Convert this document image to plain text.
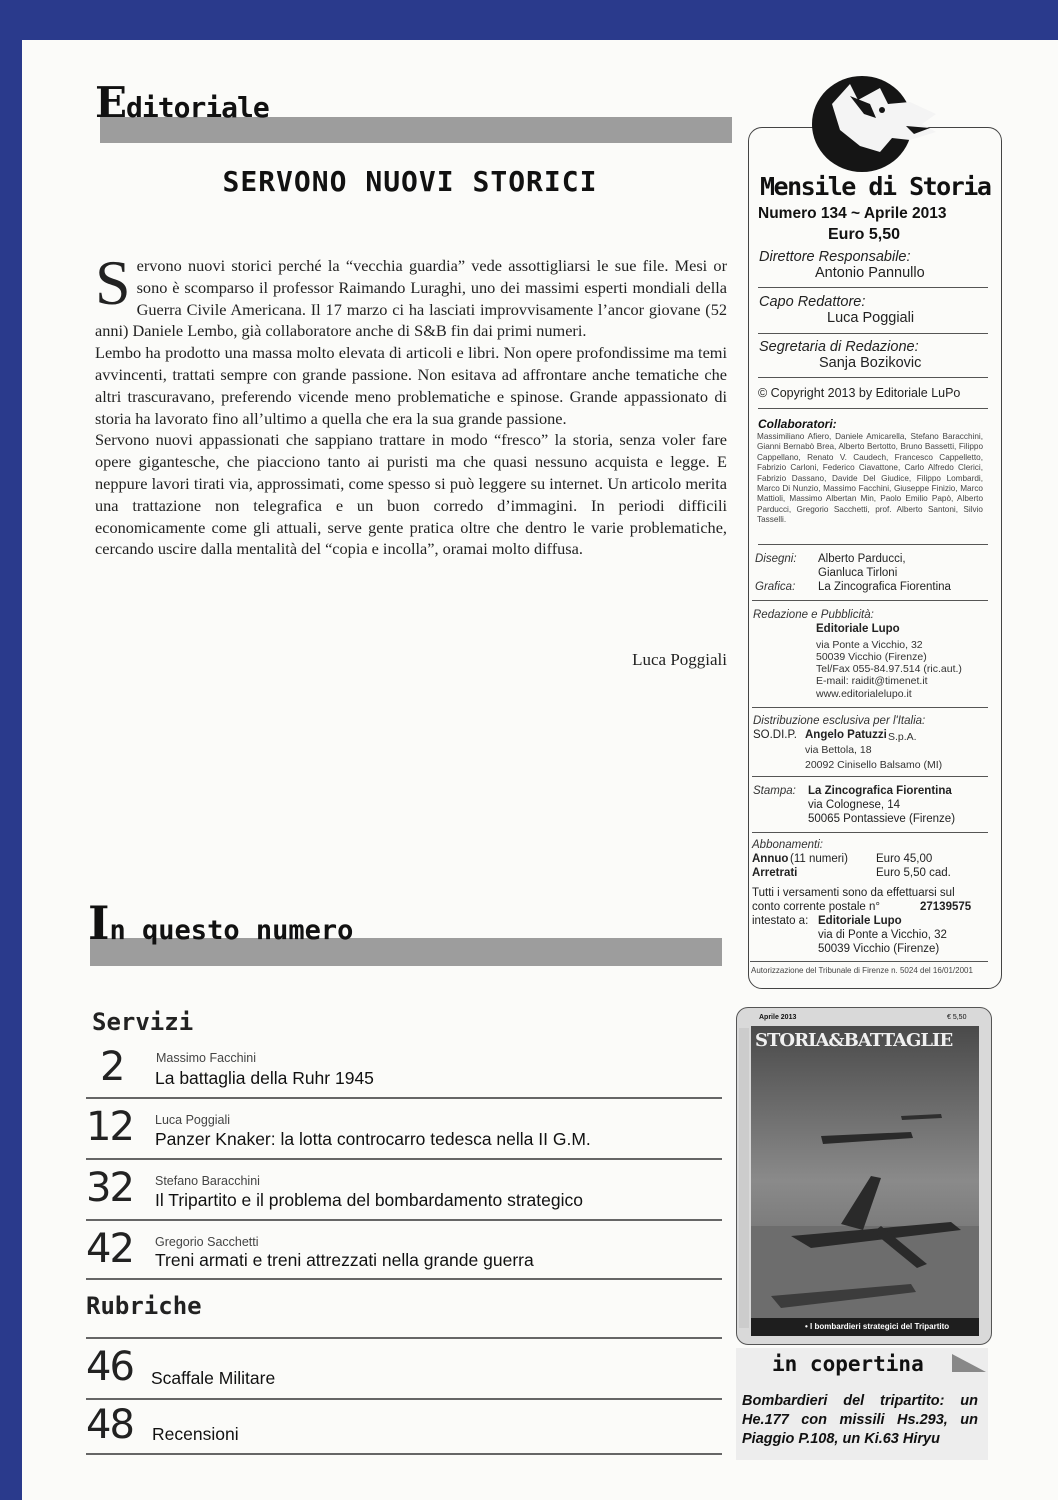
Editoriale
SERVONO NUOVI STORICI
S ervono nuovi storici perché la “vecchia guardia” vede assottigliarsi le sue file. Mesi or sono è scomparso il professor Raimando Luraghi, uno dei massimi esperti mondiali della Guerra Civile Americana. Il 17 marzo ci ha lasciati improvvisamente l’ancor giovane (52 anni) Daniele Lembo, già collaboratore anche di S&B fin dai primi numeri.

Lembo ha prodotto una massa molto elevata di articoli e libri. Non opere profondissime ma temi avvincenti, trattati sempre con grande passione. Non esitava ad affrontare anche tematiche che altri trascuravano, preferendo vicende meno problematiche e spinose. Grande appassionato di storia ha lavorato fino all’ultimo a quella che era la sua grande passione.

Servono nuovi appassionati che sappiano trattare in modo “fresco” la storia, senza voler fare opere gigantesche, che piacciono tanto ai puristi ma che quasi nessuno acquista e legge. E neppure lavori tirati via, approssimati, come spesso si può leggere su internet. Un articolo merita una trattazione non telegrafica e un buon corredo d’immagini. In periodi difficili economicamente come gli attuali, serve gente pratica oltre che dentro le varie problematiche, cercando uscire dalla mentalità del “copia e incolla”, oramai molto diffusa.

Luca Poggiali
Mensile di Storia
Numero 134 ~ Aprile 2013
Euro 5,50
Direttore Responsabile:
Antonio Pannullo
Capo Redattore:
Luca Poggiali
Segretaria di Redazione:
Sanja Bozikovic
© Copyright 2013 by Editoriale LuPo
Collaboratori:
Massimiliano Afiero, Daniele Amicarella, Stefano Baracchini, Gianni Bernabò Brea, Alberto Bertotto, Bruno Bassetti, Filippo Cappellano, Renato V. Caudech, Francesco Cappelletto, Fabrizio Carloni, Federico Ciavattone, Carlo Alfredo Clerici, Fabrizio Dassano, Davide Del Giudice, Filippo Lombardi, Marco Di Nunzio, Massimo Facchini, Giuseppe Finizio, Marco Mattioli, Massimo Albertan Min, Paolo Emilio Papò, Alberto Parducci, Gregorio Sacchetti, prof. Alberto Santoni, Silvio Tasselli.
Disegni: Alberto Parducci,
Gianluca Tirloni
Grafica: La Zincografica Fiorentina
Redazione e Pubblicità:
Editoriale Lupo
via Ponte a Vicchio, 32
50039 Vicchio (Firenze)
Tel/Fax 055-84.97.514 (ric.aut.)
E-mail: raidit@timenet.it
www.editorialelupo.it
Distribuzione esclusiva per l'Italia:
SO.DI.P. Angelo Patuzzi S.p.A.
via Bettola, 18
20092 Cinisello Balsamo (MI)
Stampa: La Zincografica Fiorentina
via Colognese, 14
50065 Pontassieve (Firenze)
Abbonamenti:
Annuo (11 numeri) Euro 45,00
Arretrati	Euro 5,50 cad.
Tutti i versamenti sono da effettuarsi sul
conto corrente postale n°	27139575
intestato a: Editoriale Lupo
via di Ponte a Vicchio, 32
50039 Vicchio (Firenze)
Autorizzazione del Tribunale di Firenze n. 5024 del 16/01/2001
In questo numero
Servizi
2	Massimo Facchini
La battaglia della Ruhr 1945
12 Luca Poggiali
Panzer Knaker: la lotta controcarro tedesca nella II G.M.
32 Stefano Baracchini
Il Tripartito e il problema del bombardamento strategico
42 Gregorio Sacchetti
Treni armati e treni attrezzati nella grande guerra
Rubriche
46 Scaffale Militare
48 Recensioni
• I bombardieri strategici del Tripartito
Aprile 2013	€ 5,50
STORIA&BATTAGLIE
in copertina
Bombardieri del tripartito: un He.177 con missili Hs.293, un Piaggio P.108, un Ki.63 Hiryu
